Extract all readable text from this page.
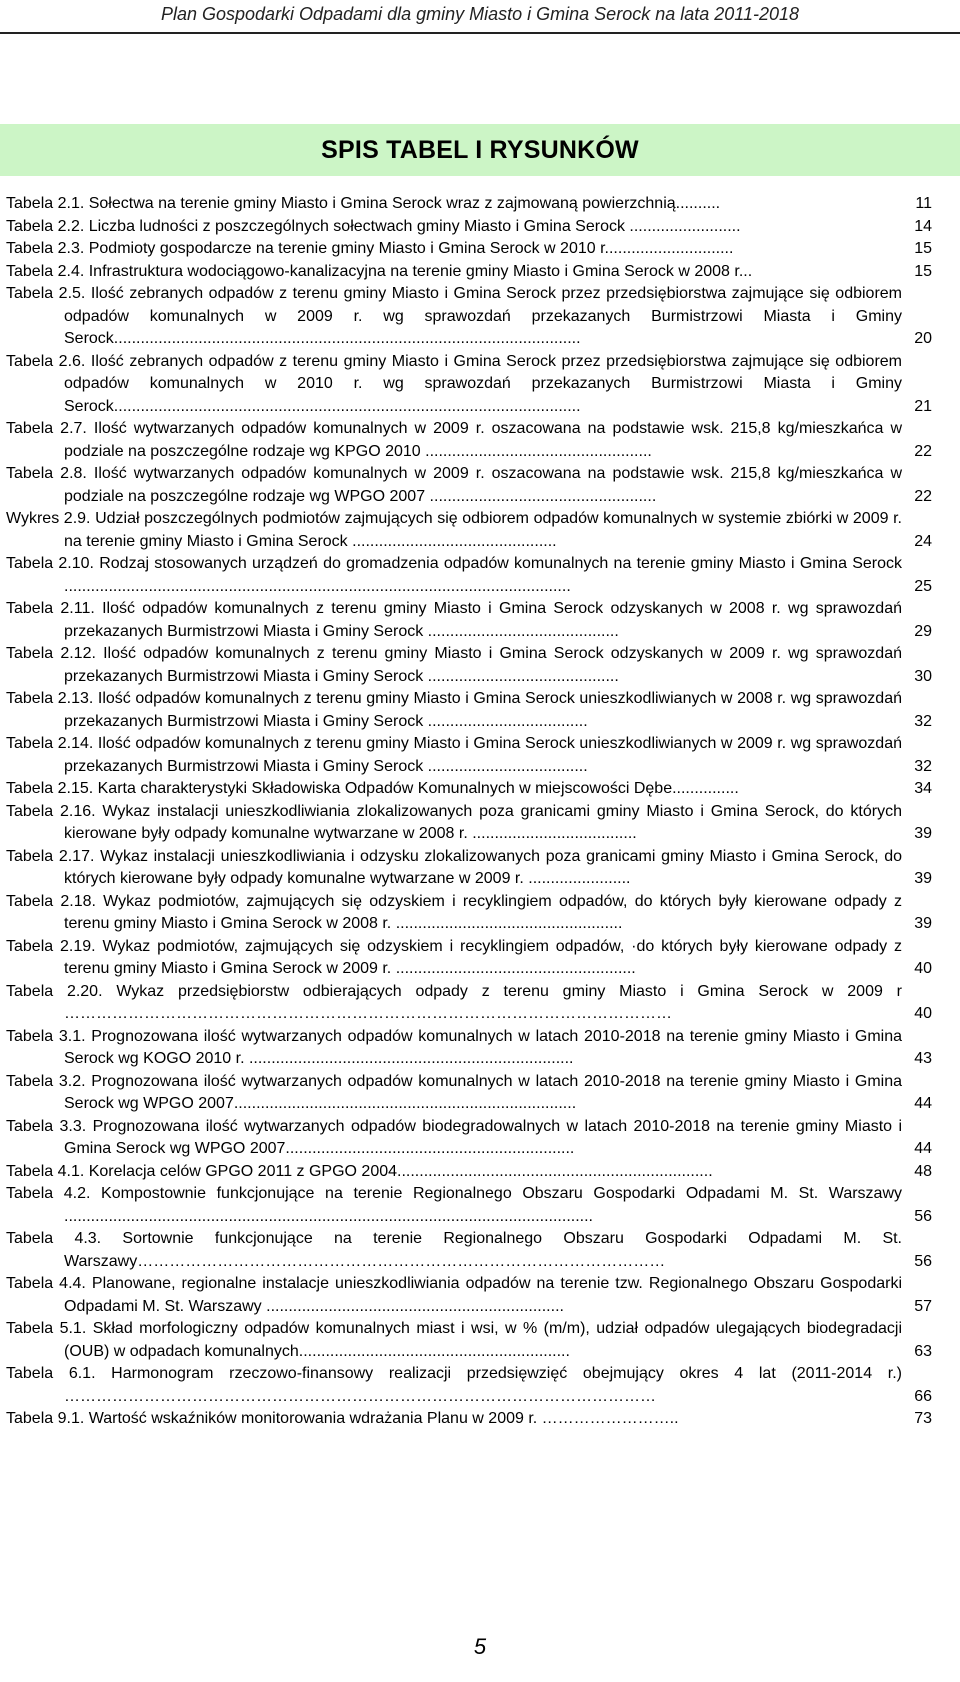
Plan Gospodarki Odpadami dla gminy Miasto i Gmina Serock na lata 2011-2018
SPIS TABEL I RYSUNKÓW
Tabela 2.1. Sołectwa na terenie gminy Miasto i Gmina Serock wraz z zajmowaną powierzchnią..........	11
Tabela 2.2. Liczba ludności z poszczególnych sołectwach gminy Miasto i Gmina Serock .........................	14
Tabela 2.3. Podmioty gospodarcze na terenie gminy Miasto i Gmina Serock w 2010 r.............................	15
Tabela 2.4. Infrastruktura wodociągowo-kanalizacyjna na terenie gminy Miasto i Gmina Serock w 2008 r...	15
Tabela 2.5. Ilość zebranych odpadów z terenu gminy Miasto i Gmina Serock przez przedsiębiorstwa zajmujące się odbiorem odpadów komunalnych w 2009 r. wg sprawozdań przekazanych Burmistrzowi Miasta i Gminy Serock.........................................................................................................	20
Tabela 2.6. Ilość zebranych odpadów z terenu gminy Miasto i Gmina Serock przez przedsiębiorstwa zajmujące się odbiorem odpadów komunalnych w 2010 r. wg sprawozdań przekazanych Burmistrzowi Miasta i Gminy Serock.........................................................................................................	21
Tabela 2.7. Ilość wytwarzanych odpadów komunalnych w 2009 r. oszacowana na podstawie wsk. 215,8 kg/mieszkańca w podziale na poszczególne rodzaje wg KPGO 2010 ...................................................	22
Tabela 2.8. Ilość wytwarzanych odpadów komunalnych w 2009 r. oszacowana na podstawie wsk. 215,8 kg/mieszkańca w podziale na poszczególne rodzaje wg WPGO 2007 ...................................................	22
Wykres 2.9. Udział poszczególnych podmiotów zajmujących się odbiorem odpadów komunalnych w systemie zbiórki w 2009 r. na terenie gminy Miasto i Gmina Serock ..............................................	24
Tabela 2.10. Rodzaj stosowanych urządzeń do gromadzenia odpadów komunalnych na terenie gminy Miasto i Gmina Serock ..................................................................................................................	25
Tabela 2.11. Ilość odpadów komunalnych z terenu gminy Miasto i Gmina Serock odzyskanych w 2008 r. wg sprawozdań przekazanych Burmistrzowi Miasta i Gminy Serock ...........................................	29
Tabela 2.12. Ilość odpadów komunalnych z terenu gminy Miasto i Gmina Serock odzyskanych w 2009 r. wg sprawozdań przekazanych Burmistrzowi Miasta i Gminy Serock ...........................................	30
Tabela 2.13. Ilość odpadów komunalnych z terenu gminy Miasto i Gmina Serock unieszkodliwianych w 2008 r. wg sprawozdań przekazanych Burmistrzowi Miasta i Gminy Serock ....................................	32
Tabela 2.14. Ilość odpadów komunalnych z terenu gminy Miasto i Gmina Serock unieszkodliwianych w 2009 r. wg sprawozdań przekazanych Burmistrzowi Miasta i Gminy Serock ....................................	32
Tabela 2.15. Karta charakterystyki Składowiska Odpadów Komunalnych w miejscowości Dębe...............	34
Tabela 2.16. Wykaz instalacji unieszkodliwiania zlokalizowanych poza granicami gminy Miasto i Gmina Serock, do których kierowane były odpady komunalne wytwarzane w 2008 r. .....................................	39
Tabela 2.17. Wykaz instalacji unieszkodliwiania i odzysku zlokalizowanych poza granicami gminy Miasto i Gmina Serock, do których kierowane były odpady komunalne wytwarzane w 2009 r. .......................	39
Tabela 2.18. Wykaz podmiotów, zajmujących się odzyskiem i recyklingiem odpadów, do których były kierowane odpady z terenu gminy Miasto i Gmina Serock w 2008 r. ...................................................	39
Tabela 2.19. Wykaz podmiotów, zajmujących się odzyskiem i recyklingiem odpadów, ·do których były kierowane odpady z terenu gminy Miasto i Gmina Serock w 2009 r. ......................................................	40
Tabela 2.20. Wykaz przedsiębiorstw odbierających odpady z terenu gminy Miasto i Gmina Serock w 2009 r ……………………………………………………………………………………………………	40
Tabela 3.1. Prognozowana ilość wytwarzanych odpadów komunalnych w latach 2010-2018 na terenie gminy Miasto i Gmina Serock wg KOGO 2010 r. .........................................................................	43
Tabela 3.2. Prognozowana ilość wytwarzanych odpadów komunalnych w latach 2010-2018 na terenie gminy Miasto i Gmina Serock wg WPGO 2007.............................................................................	44
Tabela 3.3. Prognozowana ilość wytwarzanych odpadów biodegradowalnych w latach 2010-2018 na terenie gminy Miasto i Gmina Serock wg WPGO 2007.................................................................	44
Tabela 4.1. Korelacja celów GPGO 2011 z GPGO 2004.......................................................................	48
Tabela 4.2. Kompostownie funkcjonujące na terenie Regionalnego Obszaru Gospodarki Odpadami M. St. Warszawy .......................................................................................................................	56
Tabela 4.3. Sortownie funkcjonujące na terenie Regionalnego Obszaru Gospodarki Odpadami M. St. Warszawy………………………………………………………………………………………	56
Tabela 4.4. Planowane, regionalne instalacje unieszkodliwiania odpadów na terenie tzw. Regionalnego Obszaru Gospodarki Odpadami M. St. Warszawy ...................................................................	57
Tabela 5.1. Skład morfologiczny odpadów komunalnych miast i wsi, w % (m/m), udział odpadów ulegających biodegradacji (OUB) w odpadach komunalnych.............................................................	63
Tabela 6.1. Harmonogram rzeczowo-finansowy realizacji przedsięwzięć obejmujący okres 4 lat (2011-2014 r.) …………………………………………………………………………………………………	66
Tabela 9.1. Wartość wskaźników monitorowania wdrażania Planu w 2009 r. ……………………..	73
5
